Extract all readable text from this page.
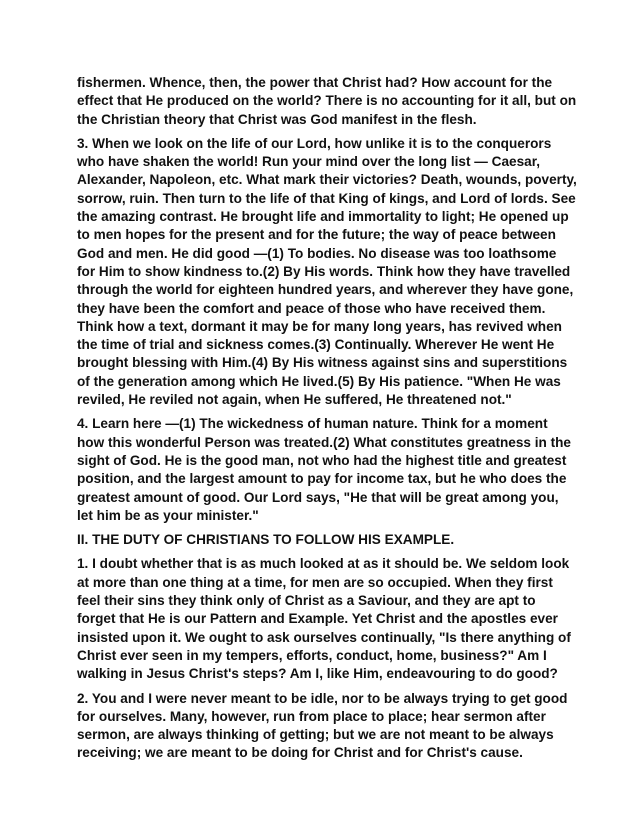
fishermen. Whence, then, the power that Christ had? How account for the effect that He produced on the world? There is no accounting for it all, but on the Christian theory that Christ was God manifest in the flesh.

3. When we look on the life of our Lord, how unlike it is to the conquerors who have shaken the world! Run your mind over the long list — Caesar, Alexander, Napoleon, etc. What mark their victories? Death, wounds, poverty, sorrow, ruin. Then turn to the life of that King of kings, and Lord of lords. See the amazing contrast. He brought life and immortality to light; He opened up to men hopes for the present and for the future; the way of peace between God and men. He did good —(1) To bodies. No disease was too loathsome for Him to show kindness to.(2) By His words. Think how they have travelled through the world for eighteen hundred years, and wherever they have gone, they have been the comfort and peace of those who have received them. Think how a text, dormant it may be for many long years, has revived when the time of trial and sickness comes.(3) Continually. Wherever He went He brought blessing with Him.(4) By His witness against sins and superstitions of the generation among which He lived.(5) By His patience. "When He was reviled, He reviled not again, when He suffered, He threatened not."

4. Learn here —(1) The wickedness of human nature. Think for a moment how this wonderful Person was treated.(2) What constitutes greatness in the sight of God. He is the good man, not who had the highest title and greatest position, and the largest amount to pay for income tax, but he who does the greatest amount of good. Our Lord says, "He that will be great among you, let him be as your minister."

II. THE DUTY OF CHRISTIANS TO FOLLOW HIS EXAMPLE.

1. I doubt whether that is as much looked at as it should be. We seldom look at more than one thing at a time, for men are so occupied. When they first feel their sins they think only of Christ as a Saviour, and they are apt to forget that He is our Pattern and Example. Yet Christ and the apostles ever insisted upon it. We ought to ask ourselves continually, "Is there anything of Christ ever seen in my tempers, efforts, conduct, home, business?" Am I walking in Jesus Christ's steps? Am I, like Him, endeavouring to do good?

2. You and I were never meant to be idle, nor to be always trying to get good for ourselves. Many, however, run from place to place; hear sermon after sermon, are always thinking of getting; but we are not meant to be always receiving; we are meant to be doing for Christ and for Christ's cause.
